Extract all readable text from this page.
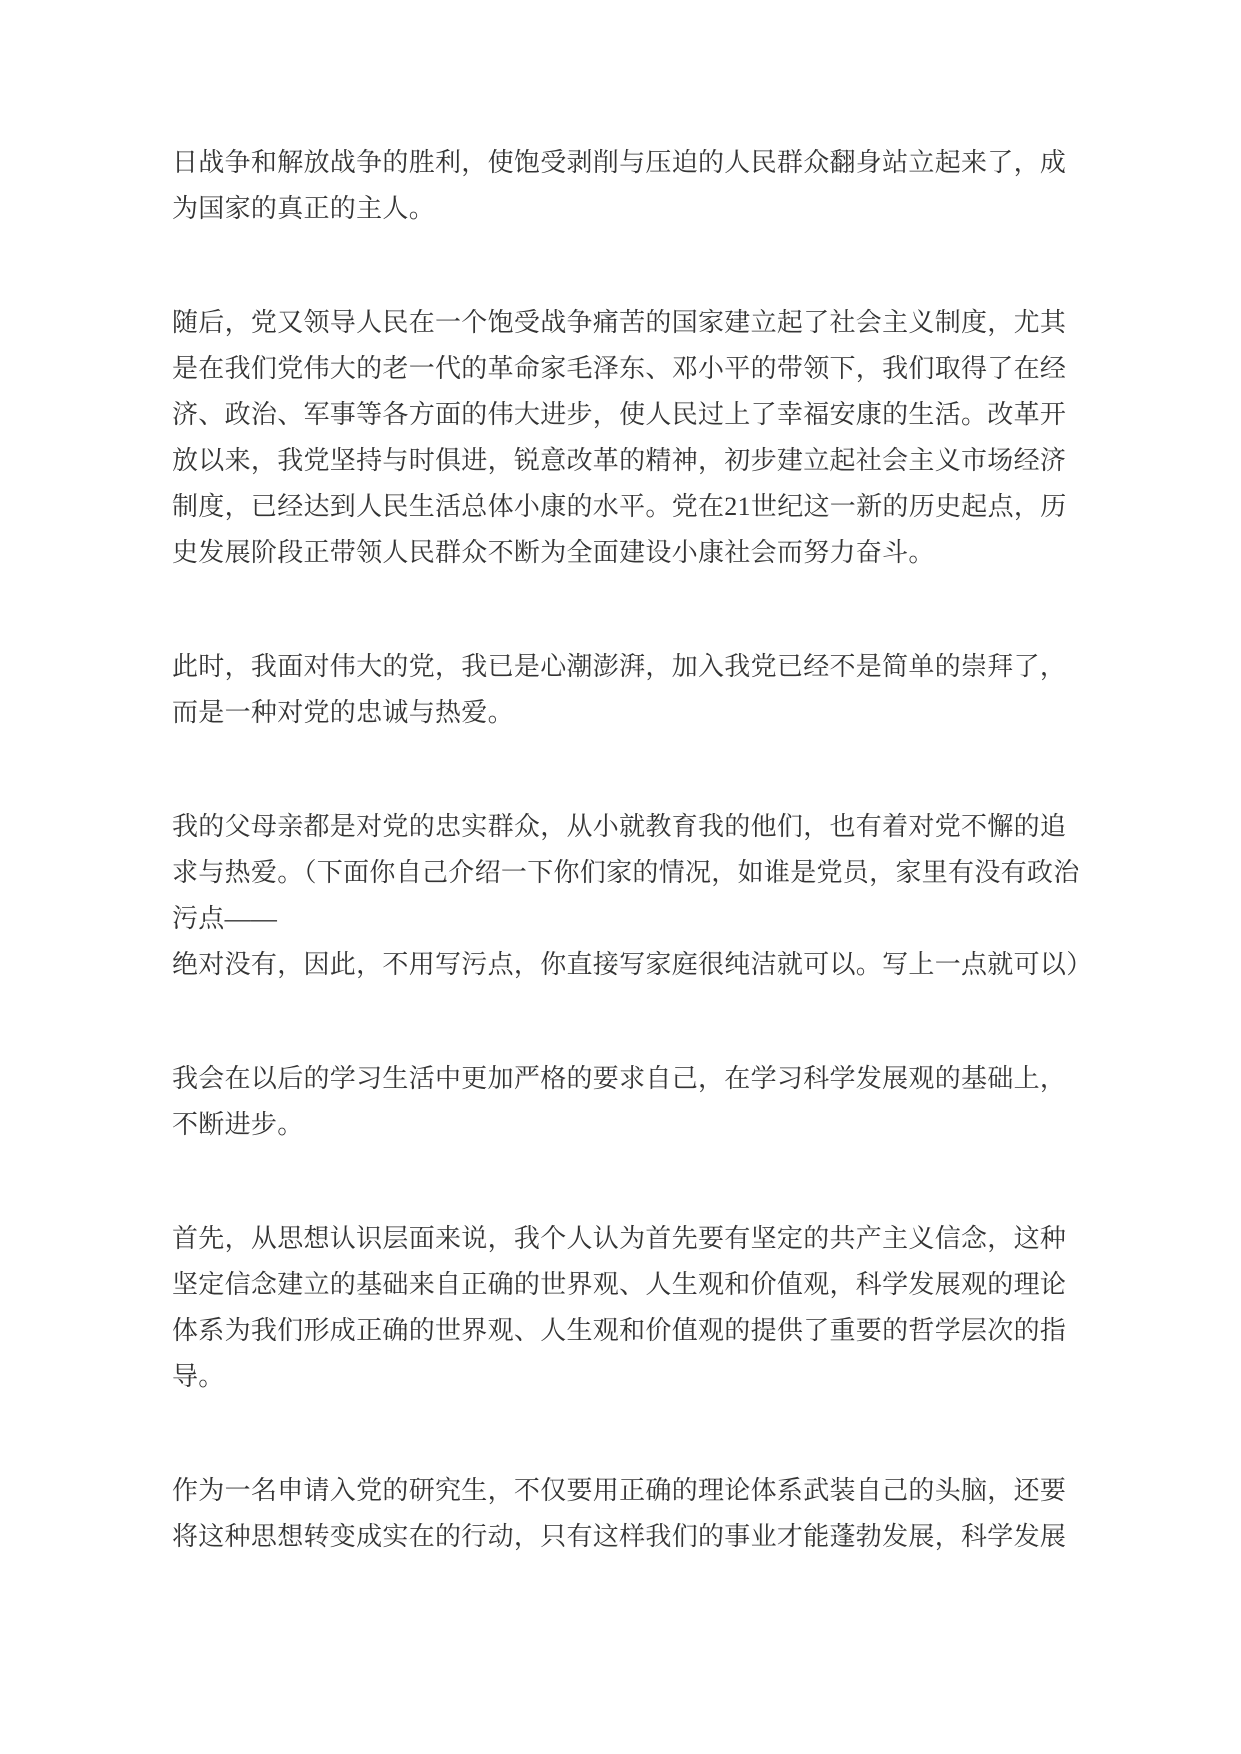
日战争和解放战争的胜利，使饱受剥削与压迫的人民群众翻身站立起来了，成
为国家的真正的主人。

随后，党又领导人民在一个饱受战争痛苦的国家建立起了社会主义制度，尤其
是在我们党伟大的老一代的革命家毛泽东、邓小平的带领下，我们取得了在经
济、政治、军事等各方面的伟大进步，使人民过上了幸福安康的生活。改革开
放以来，我党坚持与时俱进，锐意改革的精神，初步建立起社会主义市场经济
制度，已经达到人民生活总体小康的水平。党在21世纪这一新的历史起点，历
史发展阶段正带领人民群众不断为全面建设小康社会而努力奋斗。

此时，我面对伟大的党，我已是心潮澎湃，加入我党已经不是简单的崇拜了，
而是一种对党的忠诚与热爱。

我的父母亲都是对党的忠实群众，从小就教育我的他们，也有着对党不懈的追
求与热爱。（下面你自己介绍一下你们家的情况，如谁是党员，家里有没有政治
污点——
绝对没有，因此，不用写污点，你直接写家庭很纯洁就可以。写上一点就可以）

我会在以后的学习生活中更加严格的要求自己，在学习科学发展观的基础上，
不断进步。

首先，从思想认识层面来说，我个人认为首先要有坚定的共产主义信念，这种
坚定信念建立的基础来自正确的世界观、人生观和价值观，科学发展观的理论
体系为我们形成正确的世界观、人生观和价值观的提供了重要的哲学层次的指
导。

作为一名申请入党的研究生，不仅要用正确的理论体系武装自己的头脑，还要
将这种思想转变成实在的行动，只有这样我们的事业才能蓬勃发展，科学发展
